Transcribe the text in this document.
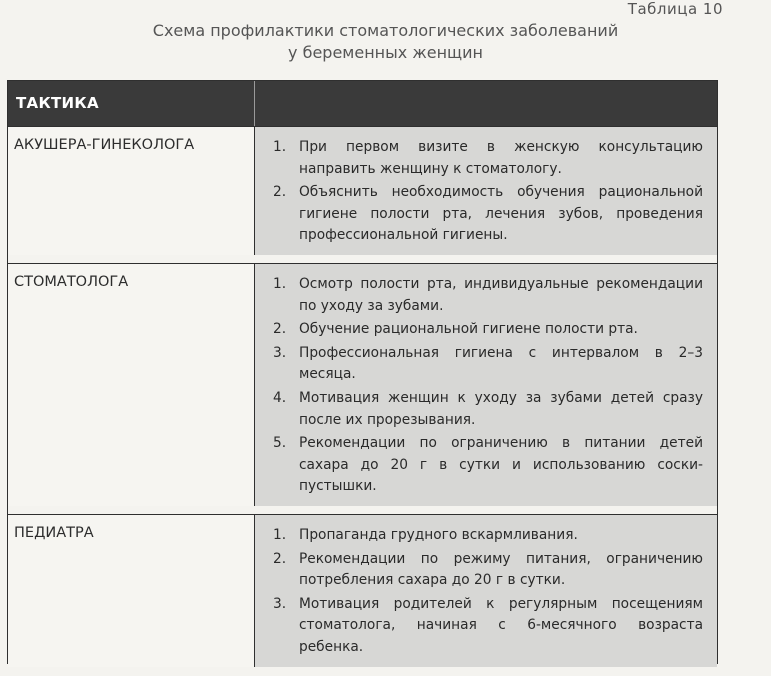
Таблица 10
Схема профилактики стоматологических заболеваний
у беременных женщин
ТАКТИКА
АКУШЕРА-ГИНЕКОЛОГА	1. При первом визите в женскую консультацию направить женщину к стоматологу.
2. Объяснить необходимость обучения рациональной гигиене полости рта, лечения зубов, проведения профессиональной гигиены.
СТОМАТОЛОГА	1. Осмотр полости рта, индивидуальные рекомендации по уходу за зубами.
2. Обучение рациональной гигиене полости рта.
3. Профессиональная гигиена с интервалом в 2–3 месяца.
4. Мотивация женщин к уходу за зубами детей сразу после их прорезывания.
5. Рекомендации по ограничению в питании детей сахара до 20 г в сутки и использованию соски-пустышки.
ПЕДИАТРА	1. Пропаганда грудного вскармливания.
2. Рекомендации по режиму питания, ограничению потребления сахара до 20 г в сутки.
3. Мотивация родителей к регулярным посещениям стоматолога, начиная с 6-месячного возраста ребенка.
